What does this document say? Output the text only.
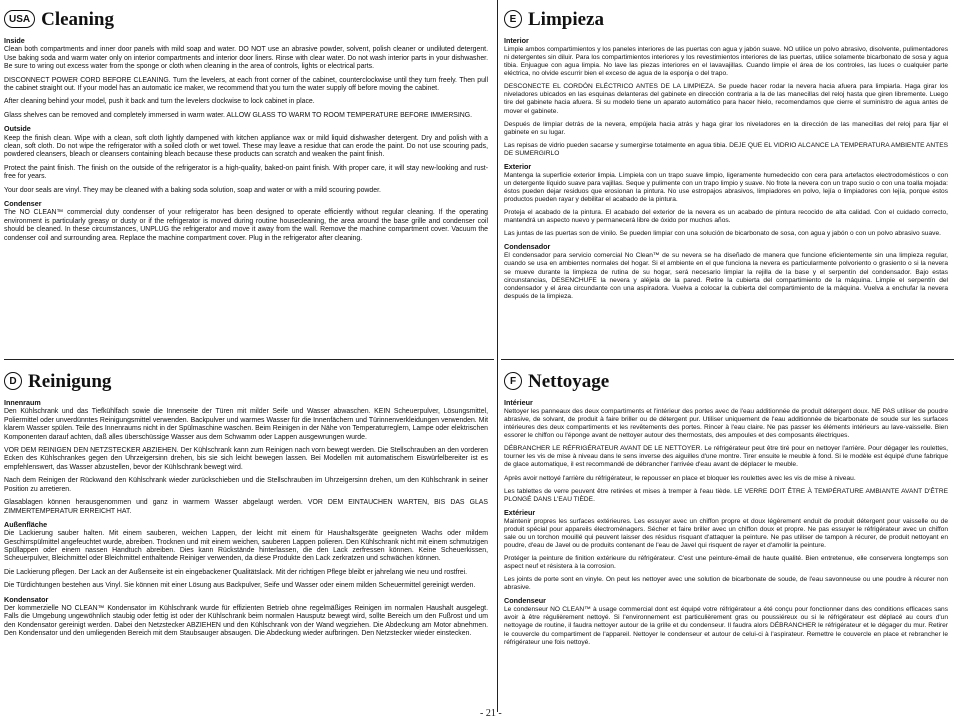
USA Cleaning
Inside

Clean both compartments and inner door panels with mild soap and water. DO NOT use an abrasive powder, solvent, polish cleaner or undiluted detergent. Use baking soda and warm water only on interior compartments and interior door liners. Rinse with clear water. Do not wash interior parts in your dishwasher. Be sure to wring out excess water from the sponge or cloth when cleaning in the area of controls, lights or electrical parts.

DISCONNECT POWER CORD BEFORE CLEANING. Turn the levelers, at each front corner of the cabinet, counterclockwise until they turn freely. Then pull the cabinet straight out. If your model has an automatic ice maker, we recommend that you turn the water supply off before moving the cabinet.

After cleaning behind your model, push it back and turn the levelers clockwise to lock cabinet in place.

Glass shelves can be removed and completely immersed in warm water. ALLOW GLASS TO WARM TO ROOM TEMPERATURE BEFORE IMMERSING.

Outside

Keep the finish clean. Wipe with a clean, soft cloth lightly dampened with kitchen appliance wax or mild liquid dishwasher detergent. Dry and polish with a clean, soft cloth. Do not wipe the refrigerator with a soiled cloth or wet towel. These may leave a residue that can erode the paint. Do not use scouring pads, powdered cleansers, bleach or cleansers containing bleach because these products can scratch and weaken the paint finish.

Protect the paint finish. The finish on the outside of the refrigerator is a high-quality, baked-on paint finish. With proper care, it will stay new-looking and rust-free for years.

Your door seals are vinyl. They may be cleaned with a baking soda solution, soap and water or with a mild scouring powder.

Condenser

The NO CLEAN™ commercial duty condenser of your refrigerator has been designed to operate efficiently without regular cleaning. If the operating environment is particularly greasy or dusty or if the refrigerator is moved during routine housecleaning, the area around the base grille and condenser coil should be cleaned. In these circumstances, UNPLUG the refrigerator and move it away from the wall. Remove the machine compartment cover. Vacuum the condenser coil and surrounding area. Replace the machine compartment cover. Plug in the refrigerator after cleaning.

E Limpieza
Interior

Limpie ambos compartimientos y los paneles interiores de las puertas con agua y jabón suave. NO utilice un polvo abrasivo, disolvente, pulimentadores ni detergentes sin diluir. Para los compartimientos interiores y los revestimientos interiores de las puertas, utilice solamente bicarbonato de sosa y agua tibia. Enjuague con agua limpia. No lave las piezas interiores en el lavavajillas. Cuando limpie el área de los controles, las luces o cualquier parte eléctrica, no olvide escurrir bien el exceso de agua de la esponja o del trapo.

DESCONECTE EL CORDÓN ELÉCTRICO ANTES DE LA LIMPIEZA. Se puede hacer rodar la nevera hacia afuera para limpiarla. Haga girar los niveladores ubicados en las esquinas delanteras del gabinete en dirección contraria a la de las manecillas del reloj hasta que giren libremente. Luego tire del gabinete hacia afuera. Si su modelo tiene un aparato automático para hacer hielo, recomendamos que cierre el suministro de agua antes de mover el gabinete.

Después de limpiar detrás de la nevera, empújela hacia atrás y haga girar los niveladores en la dirección de las manecillas del reloj para fijar el gabinete en su lugar.

Las repisas de vidrio pueden sacarse y sumergirse totalmente en agua tibia. DEJE QUE EL VIDRIO ALCANCE LA TEMPERATURA AMBIENTE ANTES DE SUMERGIRLO

Exterior

Mantenga la superficie exterior limpia. Límpiela con un trapo suave limpio, ligeramente humedecido con cera para artefactos electrodomésticos o con un detergente líquido suave para vajillas. Seque y pulimente con un trapo limpio y suave. No frote la nevera con un trapo sucio o con una toalla mojada: éstos pueden dejar residuos que erosionan la pintura. No use estropajos abrasivos, limpiadores en polvo, lejía o limpiadores con lejía, porque estos productos pueden rayar y debilitar el acabado de la pintura.

Proteja el acabado de la pintura. El acabado del exterior de la nevera es un acabado de pintura recocido de alta calidad. Con el cuidado correcto, mantendrá un aspecto nuevo y permanecerá libre de óxido por muchos años.

Las juntas de las puertas son de vinilo. Se pueden limpiar con una solución de bicarbonato de sosa, con agua y jabón o con un polvo abrasivo suave.

Condensador

El condensador para servicio comercial No Clean™ de su nevera se ha diseñado de manera que funcione eficientemente sin una limpieza regular, cuando se usa en ambientes normales del hogar. Si el ambiente en el que funciona la nevera es particularmente polvoriento o grasiento o si la nevera se mueve durante la limpieza de rutina de su hogar, será necesario limpiar la rejilla de la base y el serpentín del condensador. Bajo estas circunstancias, DESENCHUFE la nevera y aléjela de la pared. Retire la cubierta del compartimiento de la máquina. Limpie el serpentín del condensador y el área circundante con una aspiradora. Vuelva a colocar la cubierta del compartimiento de la máquina. Vuelva a enchufar la nevera después de la limpieza.

D Reinigung
Innenraum

Den Kühlschrank und das Tiefkühlfach sowie die Innenseite der Türen mit milder Seife und Wasser abwaschen. KEIN Scheuerpulver, Lösungsmittel, Poliermittel oder unverdünntes Reinigungsmittel verwenden. Backpulver und warmes Wasser für die Innenfächern und Türinnenverkleidungen verwenden. Mit klarem Wasser spülen. Teile des Innenraums nicht in der Spülmaschine waschen. Beim Reinigen in der Nähe von Temperaturreglern, Lampe oder elektrischen Komponenten darauf achten, daß alles überschüssige Wasser aus dem Schwamm oder Lappen ausgewrungen wurde.

VOR DEM REINIGEN DEN NETZSTECKER ABZIEHEN. Der Kühlschrank kann zum Reinigen nach vorn bewegt werden. Die Stellschrauben an den vorderen Ecken des Kühlschrankes gegen den Uhrzeigersinn drehen, bis sie sich leicht bewegen lassen. Bei Modellen mit automatischem Eiswürfelbereiter ist es empfehlenswert, das Wasser abzustellen, bevor der Kühlschrank bewegt wird.

Nach dem Reinigen der Rückwand den Kühlschrank wieder zurückschieben und die Stellschrauben im Uhrzeigersinn drehen, um den Kühlschrank in seiner Position zu arretieren.

Glasablagen können herausgenommen und ganz in warmem Wasser abgelaugt werden. VOR DEM EINTAUCHEN WARTEN, BIS DAS GLAS ZIMMERTEMPERATUR ERREICHT HAT.

Außenfläche

Die Lackierung sauber halten. Mit einem sauberen, weichen Lappen, der leicht mit einem für Haushaltsgeräte geeigneten Wachs oder mildem Geschirrspülmittel angefeuchtet wurde, abreiben. Trocknen und mit einem weichen, sauberen Lappen polieren. Den Kühlschrank nicht mit einem schmutzigen Spüllappen oder einem nassen Handtuch abreiben. Dies kann Rückstände hinterlassen, die den Lack zerfressen können. Keine Scheuerkissen, Scheuerpulver, Bleichmittel oder Bleichmittel enthaltende Reiniger verwenden, da diese Produkte den Lack zerkratzen und schwächen können.

Die Lackierung pflegen. Der Lack an der Außenseite ist ein eingebackener Qualitätslack. Mit der richtigen Pflege bleibt er jahrelang wie neu und rostfrei.

Die Türdichtungen bestehen aus Vinyl. Sie können mit einer Lösung aus Backpulver, Seife und Wasser oder einem milden Scheuermittel gereinigt werden.

Kondensator

Der kommerzielle NO CLEAN™ Kondensator im Kühlschrank wurde für effizienten Betrieb ohne regelmäßiges Reinigen im normalen Haushalt ausgelegt. Falls die Umgebung ungewöhnlich staubig oder fettig ist oder der Kühlschrank beim normalen Hausputz bewegt wird, sollte Bereich um den Fußrost und um den Kondensator gereinigt werden. Dabei den Netzstecker ABZIEHEN und den Kühlschrank von der Wand wegziehen. Die Abdeckung am Motor abnehmen. Den Kondensator und den umliegenden Bereich mit dem Staubsauger absaugen. Die Abdeckung wieder aufbringen. Den Netzstecker wieder einstecken.

F Nettoyage
Intérieur

Nettoyer les panneaux des deux compartiments et l'intérieur des portes avec de l'eau additionnée de produit détergent doux. NE PAS utiliser de poudre abrasive, de solvant, de produit à faire briller ou de détergent pur. Utiliser uniquement de l'eau additionnée de bicarbonate de soude sur les surfaces intérieures des deux compartiments et les revêtements des portes. Rincer à l'eau claire. Ne pas passer les éléments intérieurs au lave-vaisselle. Bien essorer le chiffon ou l'éponge avant de nettoyer autour des thermostats, des ampoules et des composants électriques.

DÉBRANCHER LE RÉFRIGÉRATEUR AVANT DE LE NETTOYER. Le réfrigérateur peut être tiré pour en nettoyer l'arrière. Pour dégager les roulettes, tourner les vis de mise à niveau dans le sens inverse des aiguilles d'une montre. Tirer ensuite le meuble à fond. Si le modèle est équipé d'une fabrique de glace automatique, il est recommandé de débrancher l'arrivée d'eau avant de déplacer le meuble.

Après avoir nettoyé l'arrière du réfrigérateur, le repousser en place et bloquer les roulettes avec les vis de mise à niveau.

Les tablettes de verre peuvent être retirées et mises à tremper à l'eau tiède. LE VERRE DOIT ÊTRE À TEMPÉRATURE AMBIANTE AVANT D'ÊTRE PLONGÉ DANS L'EAU TIÈDE.

Extérieur

Maintenir propres les surfaces extérieures. Les essuyer avec un chiffon propre et doux légèrement enduit de produit détergent pour vaisselle ou de produit spécial pour appareils électroménagers. Sécher et faire briller avec un chiffon doux et propre. Ne pas essuyer le réfrigérateur avec un chiffon sale ou un torchon mouillé qui peuvent laisser des résidus risquant d'attaquer la peinture. Ne pas utiliser de tampon à récurer, de produit nettoyant en poudre, d'eau de Javel ou de produits contenant de l'eau de Javel qui risquent de rayer et d'amollir la peinture.

Protéger la peinture de finition extérieure du réfrigérateur. C'est une peinture-émail de haute qualité. Bien entretenue, elle conservera longtemps son aspect neuf et résistera à la corrosion.

Les joints de porte sont en vinyle. On peut les nettoyer avec une solution de bicarbonate de soude, de l'eau savonneuse ou une poudre à récurer non abrasive.

Condenseur

Le condenseur NO CLEAN™ à usage commercial dont est équipé votre réfrigérateur a été conçu pour fonctionner dans des conditions efficaces sans avoir à être régulièrement nettoyé. Si l'environnement est particulièrement gras ou poussiéreux ou si le réfrigérateur est déplacé au cours d'un nettoyage de routine, il faudra nettoyer autour de la grille et du condenseur. Il faudra alors DÉBRANCHER le réfrigérateur et le dégager du mur. Retirer le couvercle du compartiment de l'appareil. Nettoyer le condenseur et autour de celui-ci à l'aspirateur. Remettre le couvercle en place et rebrancher le réfrigérateur une fois nettoyé.

- 21 -
